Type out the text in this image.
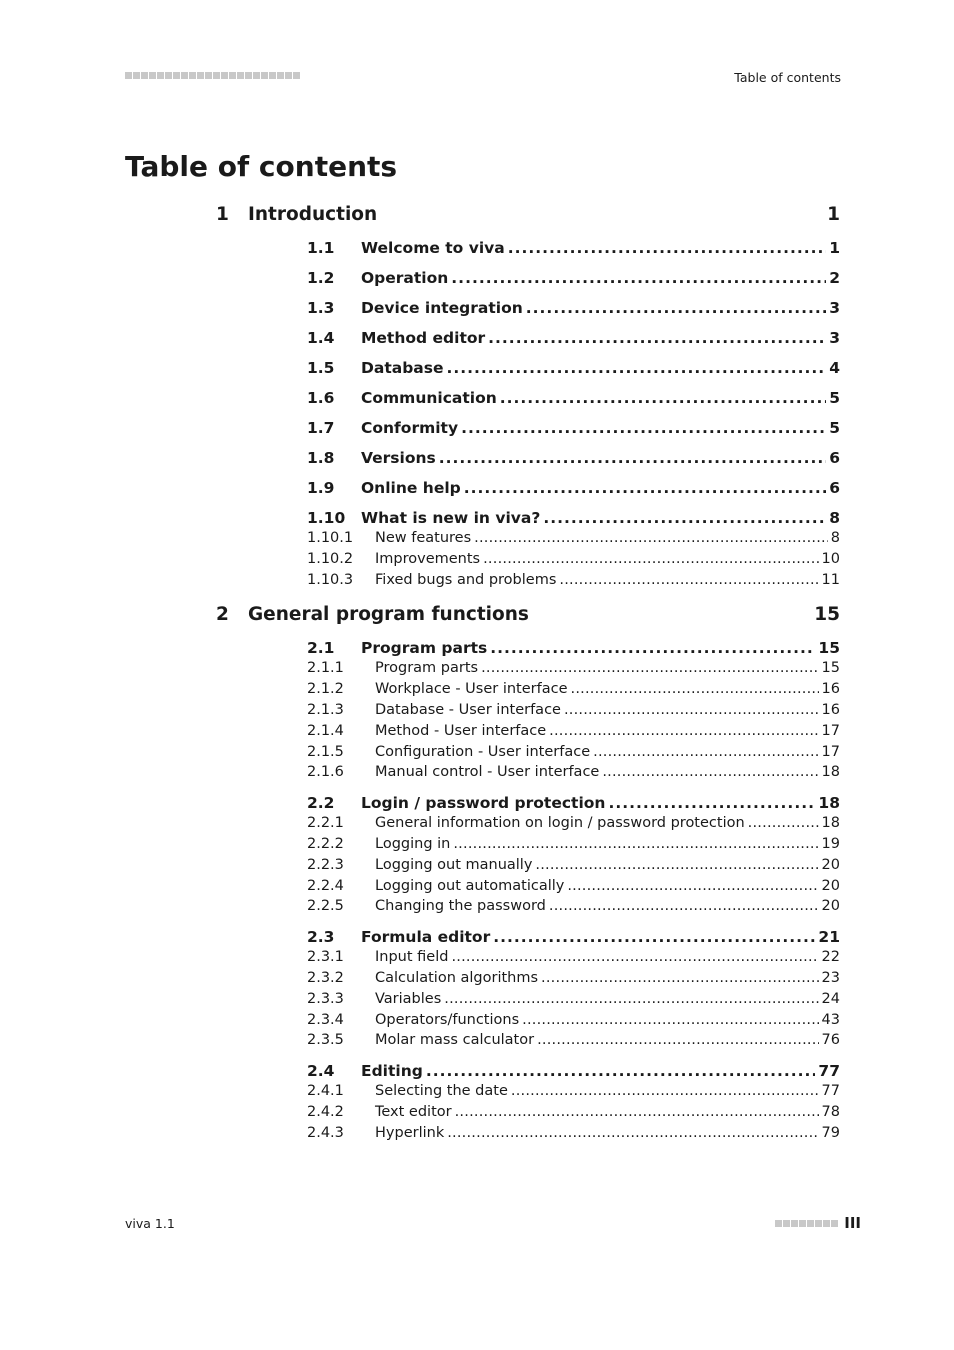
Table of contents
Table of contents
1	Introduction	1
1.1	Welcome to viva . . .	1
1.2	Operation . . .	2
1.3	Device integration . . .	3
1.4	Method editor . . .	3
1.5	Database . . .	4
1.6	Communication . . .	5
1.7	Conformity . . .	5
1.8	Versions . . .	6
1.9	Online help . . .	6
1.10	What is new in viva? . . .	8
1.10.1	New features . . .	8
1.10.2	Improvements . . .	10
1.10.3	Fixed bugs and problems . . .	11
2	General program functions	15
2.1	Program parts . . .	15
2.1.1	Program parts . . .	15
2.1.2	Workplace - User interface . . .	16
2.1.3	Database - User interface . . .	16
2.1.4	Method - User interface . . .	17
2.1.5	Configuration - User interface . . .	17
2.1.6	Manual control - User interface . . .	18
2.2	Login / password protection . . .	18
2.2.1	General information on login / password protection . . .	18
2.2.2	Logging in . . .	19
2.2.3	Logging out manually . . .	20
2.2.4	Logging out automatically . . .	20
2.2.5	Changing the password . . .	20
2.3	Formula editor . . .	21
2.3.1	Input field . . .	22
2.3.2	Calculation algorithms . . .	23
2.3.3	Variables . . .	24
2.3.4	Operators/functions . . .	43
2.3.5	Molar mass calculator . . .	76
2.4	Editing . . .	77
2.4.1	Selecting the date . . .	77
2.4.2	Text editor . . .	78
2.4.3	Hyperlink . . .	79
viva 1.1	III
